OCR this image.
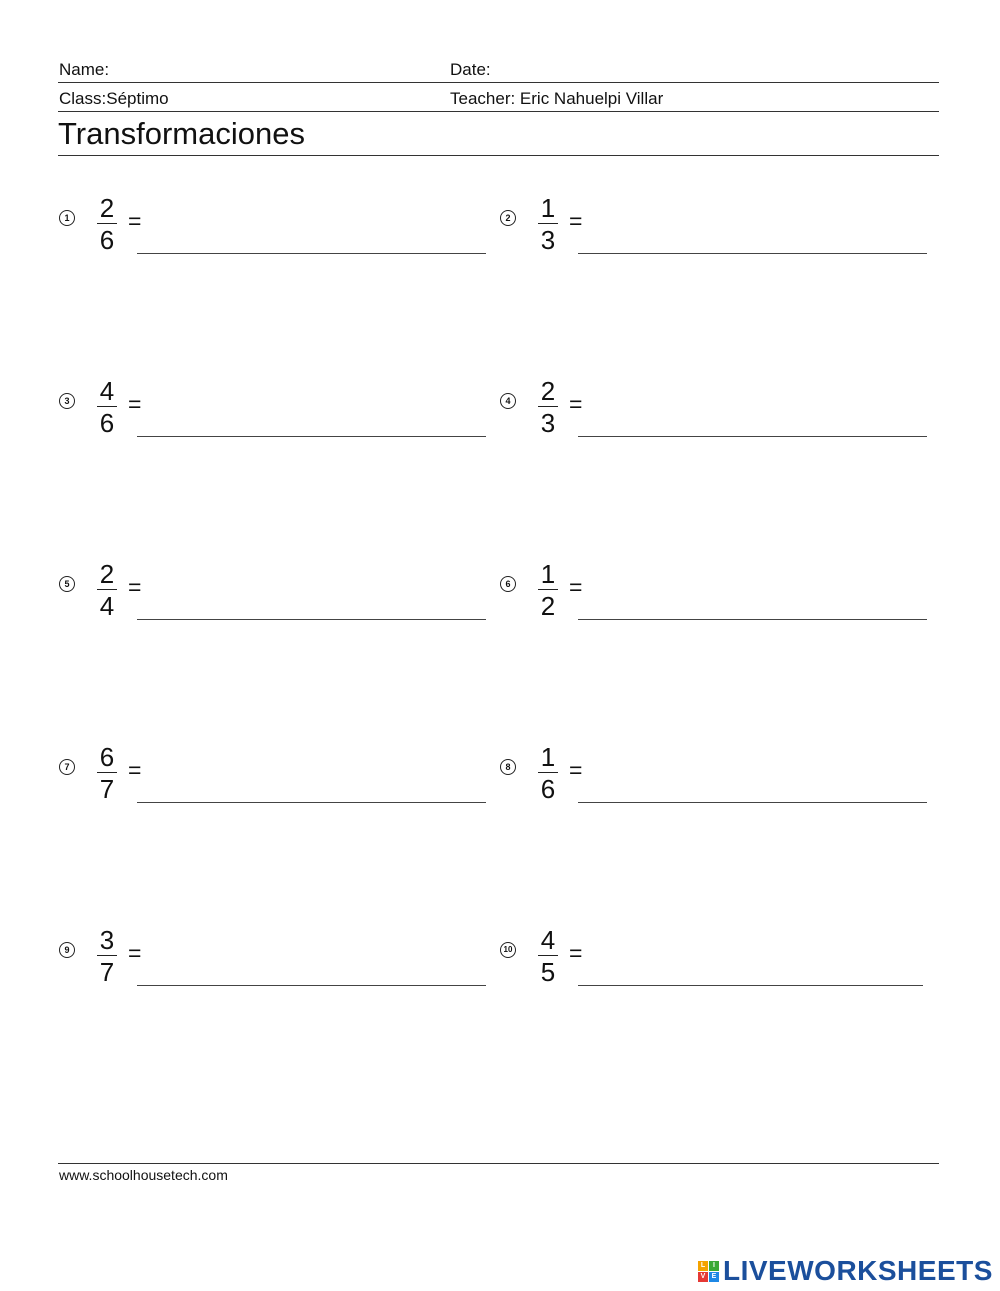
Name:	Date:
Class:Séptimo	Teacher: Eric Nahuelpi Villar
Transformaciones
1 2
6
=	2 1
3
=
3 4
6
=	4 2
3
=
5 2
4
=	6 1
2
=
7 6
7
=	8 1
6
=
9 3
7
=	10 4
5
=
www.schoolhousetech.com
L	I
V E LIVEWORKSHEETS
